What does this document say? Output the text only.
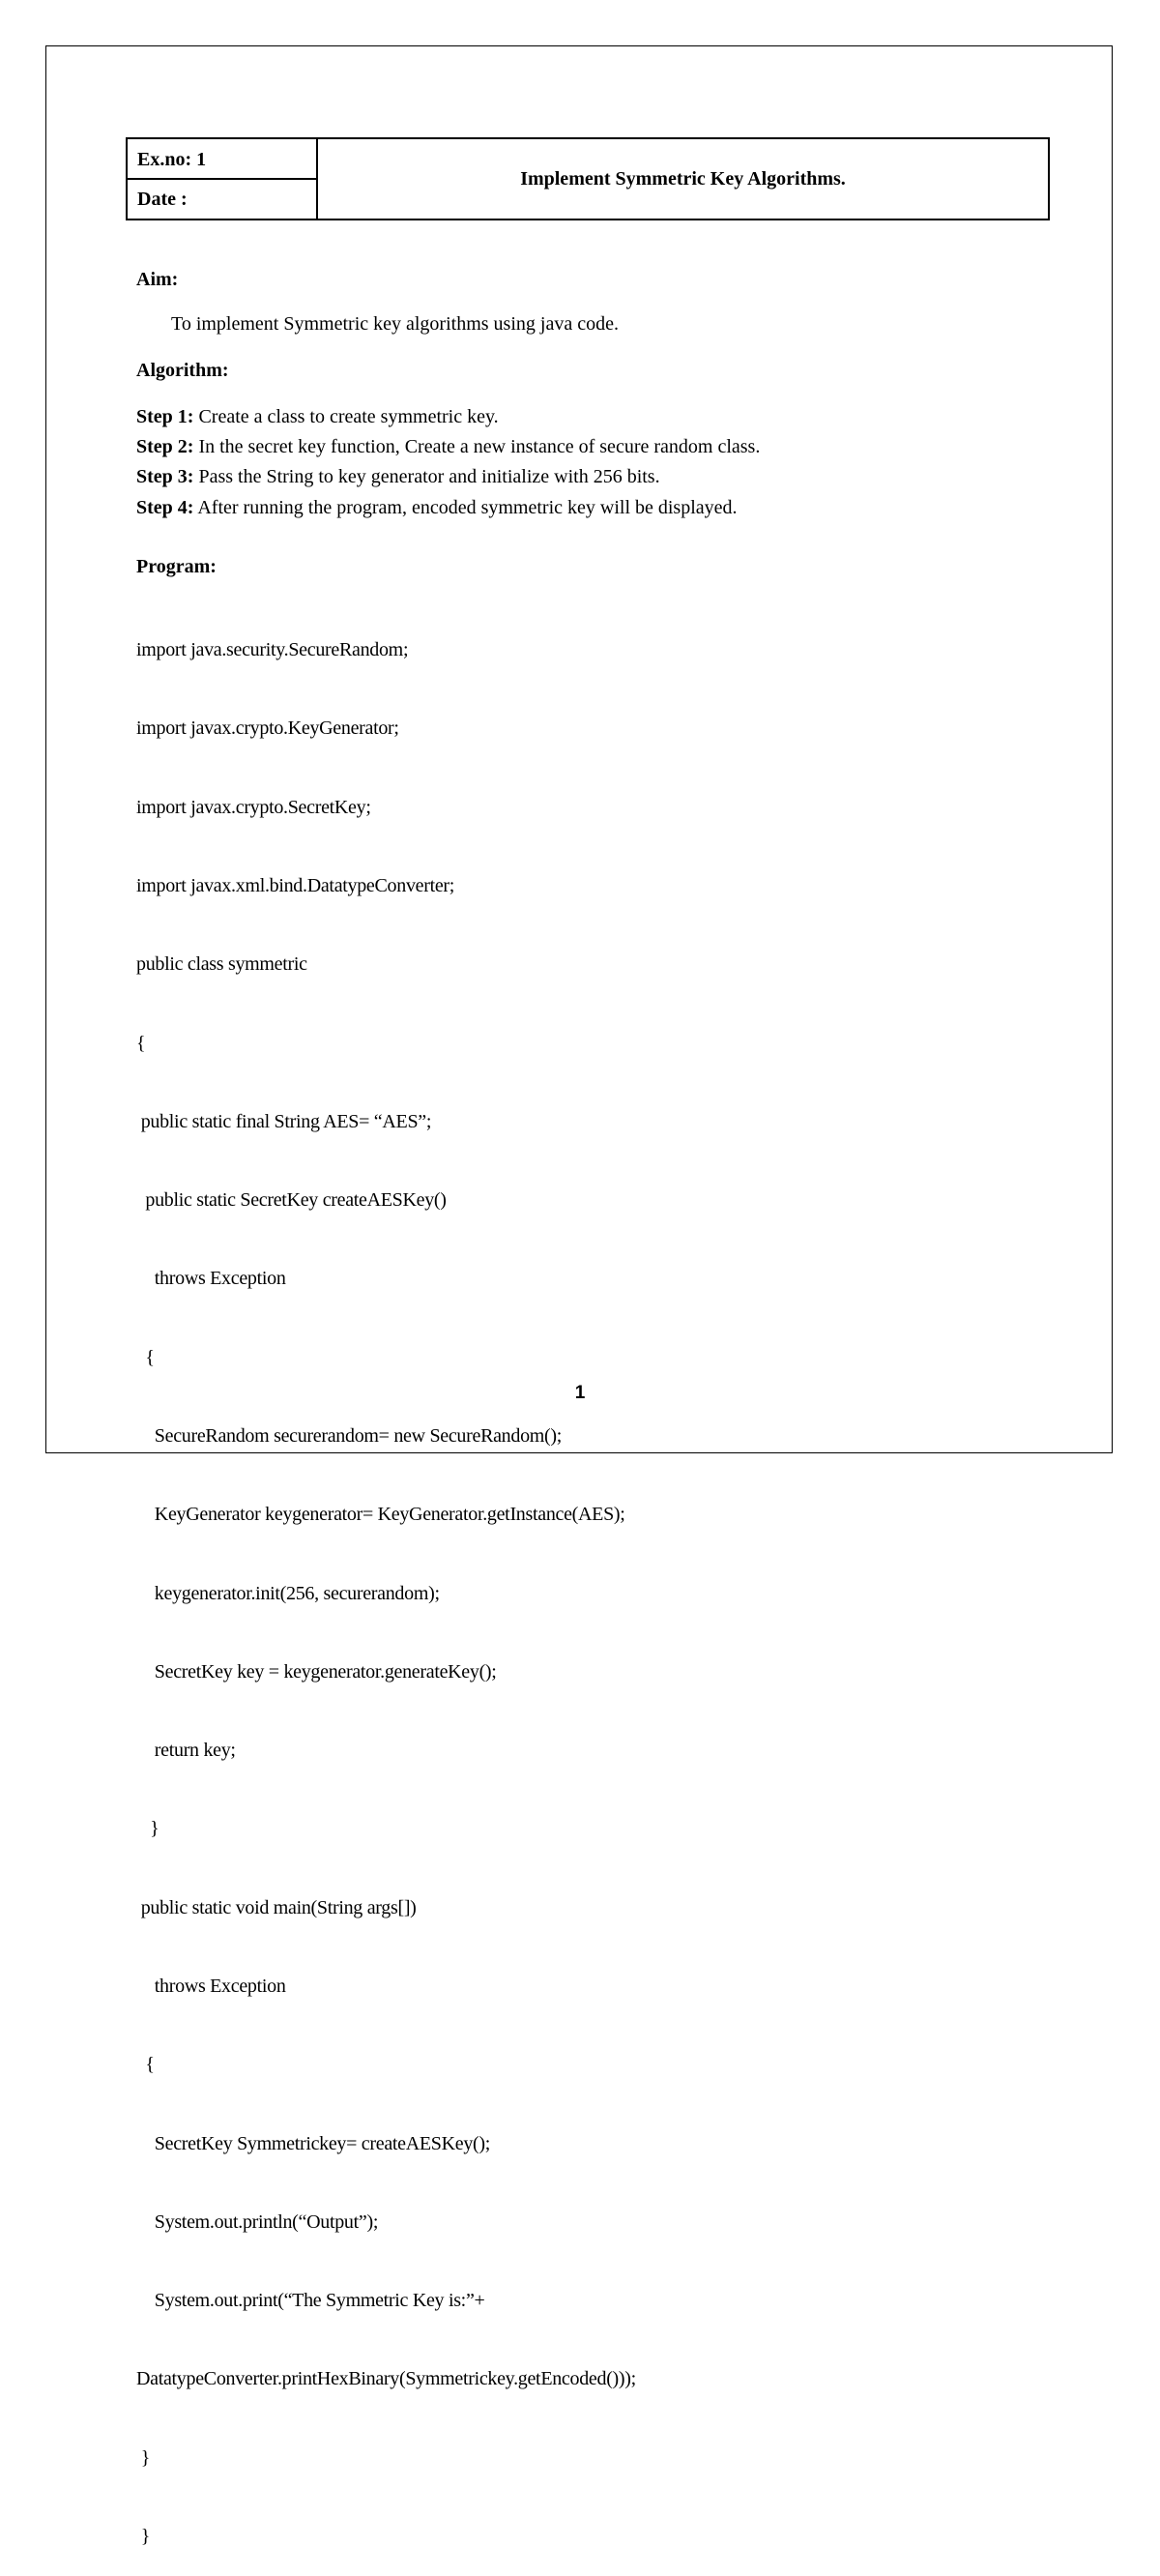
Ex.no: 1
Date :
Implement Symmetric Key Algorithms.
Aim:
To implement Symmetric key algorithms using java code.
Algorithm:
Step 1: Create a class to create symmetric key.
Step 2: In the secret key function, Create a new instance of secure random class.
Step 3: Pass the String to key generator and initialize with 256 bits.
Step 4: After running the program, encoded symmetric key will be displayed.
Program:

import java.security.SecureRandom;

import javax.crypto.KeyGenerator;

import javax.crypto.SecretKey;

import javax.xml.bind.DatatypeConverter;

public class symmetric

{

public static final String AES= “AES”;

public static SecretKey createAESKey()

throws Exception

{

SecureRandom securerandom= new SecureRandom();

KeyGenerator keygenerator= KeyGenerator.getInstance(AES);

keygenerator.init(256, securerandom);

SecretKey key = keygenerator.generateKey();

return key;

}

public static void main(String args[])

throws Exception

{

SecretKey Symmetrickey= createAESKey();

System.out.println(“Output”);

System.out.print(“The Symmetric Key is:”+

DatatypeConverter.printHexBinary(Symmetrickey.getEncoded()));

}

}

1
